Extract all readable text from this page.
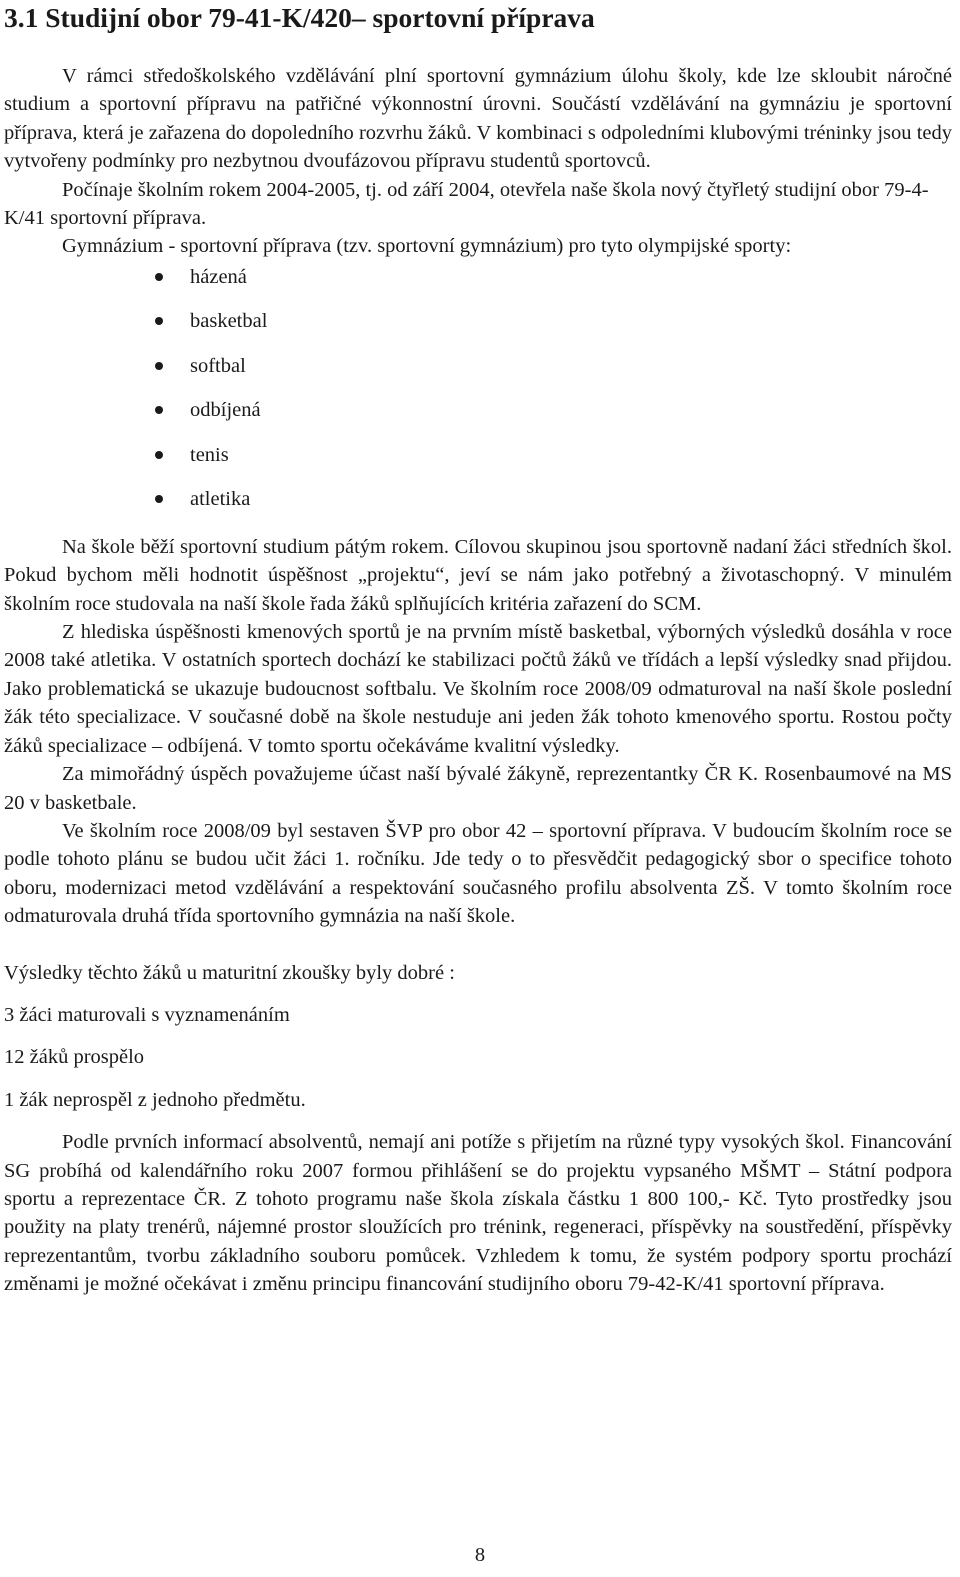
3.1 Studijní obor 79-41-K/420– sportovní příprava

V rámci středoškolského vzdělávání plní sportovní gymnázium úlohu školy, kde lze skloubit náročné studium a sportovní přípravu na patřičné výkonnostní úrovni. Součástí vzdělávání na gymnáziu je sportovní příprava, která je zařazena do dopoledního rozvrhu žáků. V kombinaci s odpoledními klubovými tréninky jsou tedy vytvořeny podmínky pro nezbytnou dvoufázovou přípravu studentů sportovců.

Počínaje školním rokem 2004-2005, tj. od září 2004, otevřela naše škola nový čtyřletý studijní obor 79-4-K/41 sportovní příprava.

Gymnázium - sportovní příprava (tzv. sportovní gymnázium) pro tyto olympijské sporty:

házená
basketbal
softbal
odbíjená
tenis
atletika

Na škole běží sportovní studium pátým rokem. Cílovou skupinou jsou sportovně nadaní žáci středních škol. Pokud bychom měli hodnotit úspěšnost „projektu“, jeví se nám jako potřebný a životaschopný. V minulém školním roce studovala na naší škole řada žáků splňujících kritéria zařazení do SCM.

Z hlediska úspěšnosti kmenových sportů je na prvním místě basketbal, výborných výsledků dosáhla v roce 2008 také atletika. V ostatních sportech dochází ke stabilizaci počtů žáků ve třídách a lepší výsledky snad přijdou. Jako problematická se ukazuje budoucnost softbalu. Ve školním roce 2008/09 odmaturoval na naší škole poslední žák této specializace. V současné době na škole nestuduje ani jeden žák tohoto kmenového sportu. Rostou počty žáků specializace – odbíjená. V tomto sportu očekáváme kvalitní výsledky.

Za mimořádný úspěch považujeme účast naší bývalé žákyně, reprezentantky ČR K. Rosenbaumové na MS 20 v basketbale.

Ve školním roce 2008/09 byl sestaven ŠVP pro obor 42 – sportovní příprava. V budoucím školním roce se podle tohoto plánu se budou učit žáci 1. ročníku. Jde tedy o to přesvědčit pedagogický sbor o specifice tohoto oboru, modernizaci metod vzdělávání a respektování současného profilu absolventa ZŠ. V tomto školním roce odmaturovala druhá třída sportovního gymnázia na naší škole.

Výsledky těchto žáků u maturitní zkoušky byly dobré :

3 žáci maturovali s vyznamenáním

12 žáků prospělo

1 žák neprospěl z jednoho předmětu.

Podle prvních informací absolventů, nemají ani potíže s přijetím na různé typy vysokých škol. Financování SG probíhá od kalendářního roku 2007 formou přihlášení se do projektu vypsaného MŠMT – Státní podpora sportu a reprezentace ČR. Z tohoto programu naše škola získala částku 1 800 100,- Kč. Tyto prostředky jsou použity na platy trenérů, nájemné prostor sloužících pro trénink, regeneraci, příspěvky na soustředění, příspěvky reprezentantům, tvorbu základního souboru pomůcek. Vzhledem k tomu, že systém podpory sportu prochází změnami je možné očekávat i změnu principu financování studijního oboru 79-42-K/41 sportovní příprava.

8
